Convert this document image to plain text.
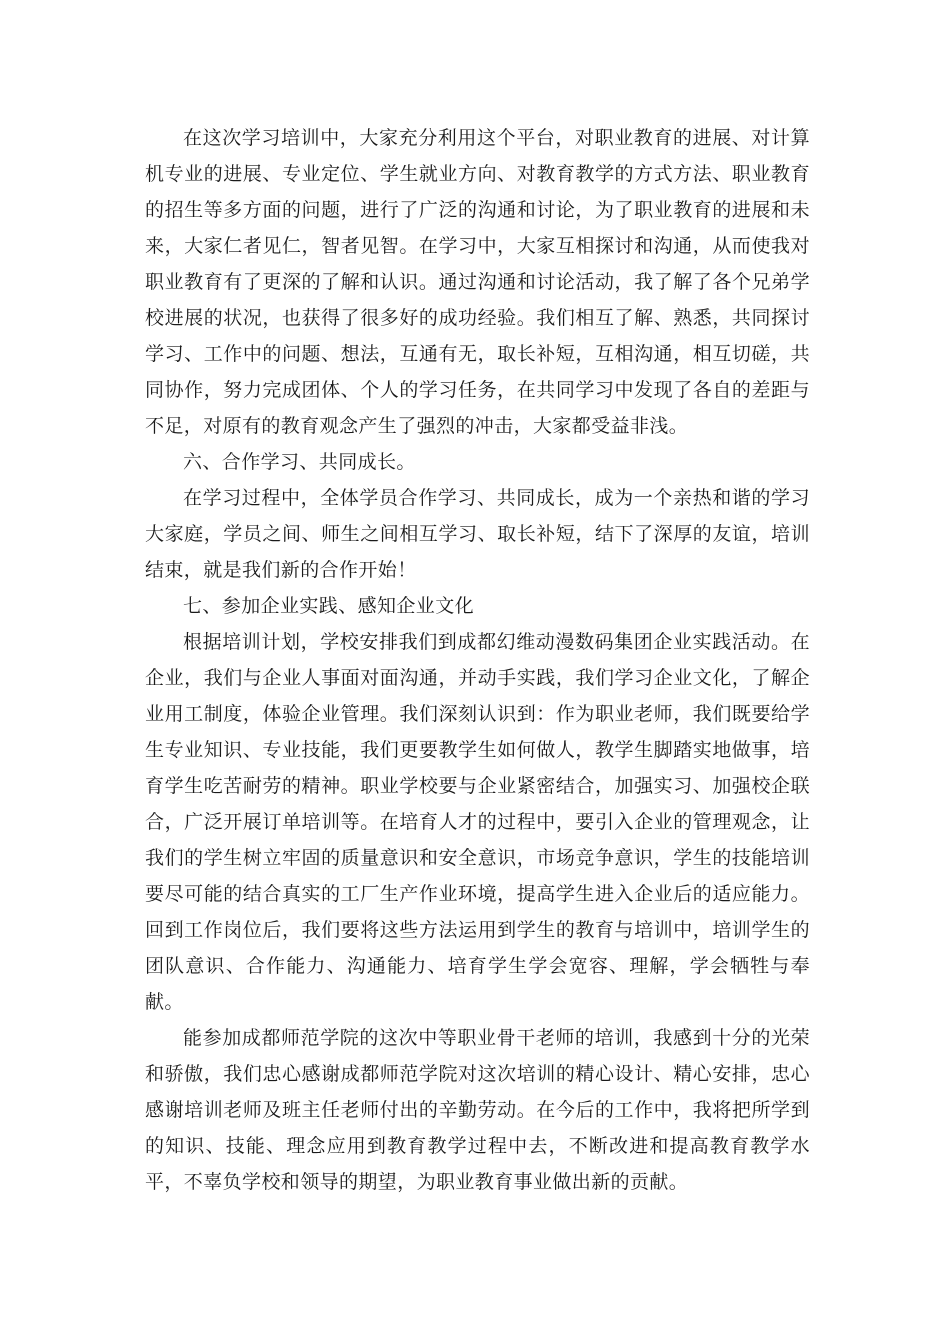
在这次学习培训中，大家充分利用这个平台，对职业教育的进展、对计算机专业的进展、专业定位、学生就业方向、对教育教学的方式方法、职业教育的招生等多方面的问题，进行了广泛的沟通和讨论，为了职业教育的进展和未来，大家仁者见仁，智者见智。在学习中，大家互相探讨和沟通，从而使我对职业教育有了更深的了解和认识。通过沟通和讨论活动，我了解了各个兄弟学校进展的状况，也获得了很多好的成功经验。我们相互了解、熟悉，共同探讨学习、工作中的问题、想法，互通有无，取长补短，互相沟通，相互切磋，共同协作，努力完成团体、个人的学习任务，在共同学习中发现了各自的差距与不足，对原有的教育观念产生了强烈的冲击，大家都受益非浅。

六、合作学习、共同成长。

在学习过程中，全体学员合作学习、共同成长，成为一个亲热和谐的学习大家庭，学员之间、师生之间相互学习、取长补短，结下了深厚的友谊，培训结束，就是我们新的合作开始！

七、参加企业实践、感知企业文化

根据培训计划，学校安排我们到成都幻维动漫数码集团企业实践活动。在企业，我们与企业人事面对面沟通，并动手实践，我们学习企业文化，了解企业用工制度，体验企业管理。我们深刻认识到：作为职业老师，我们既要给学生专业知识、专业技能，我们更要教学生如何做人，教学生脚踏实地做事，培育学生吃苦耐劳的精神。职业学校要与企业紧密结合，加强实习、加强校企联合，广泛开展订单培训等。在培育人才的过程中，要引入企业的管理观念，让我们的学生树立牢固的质量意识和安全意识，市场竞争意识，学生的技能培训要尽可能的结合真实的工厂生产作业环境，提高学生进入企业后的适应能力。回到工作岗位后，我们要将这些方法运用到学生的教育与培训中，培训学生的团队意识、合作能力、沟通能力、培育学生学会宽容、理解，学会牺牲与奉献。

能参加成都师范学院的这次中等职业骨干老师的培训，我感到十分的光荣和骄傲，我们忠心感谢成都师范学院对这次培训的精心设计、精心安排，忠心感谢培训老师及班主任老师付出的辛勤劳动。在今后的工作中，我将把所学到的知识、技能、理念应用到教育教学过程中去，不断改进和提高教育教学水平，不辜负学校和领导的期望，为职业教育事业做出新的贡献。
